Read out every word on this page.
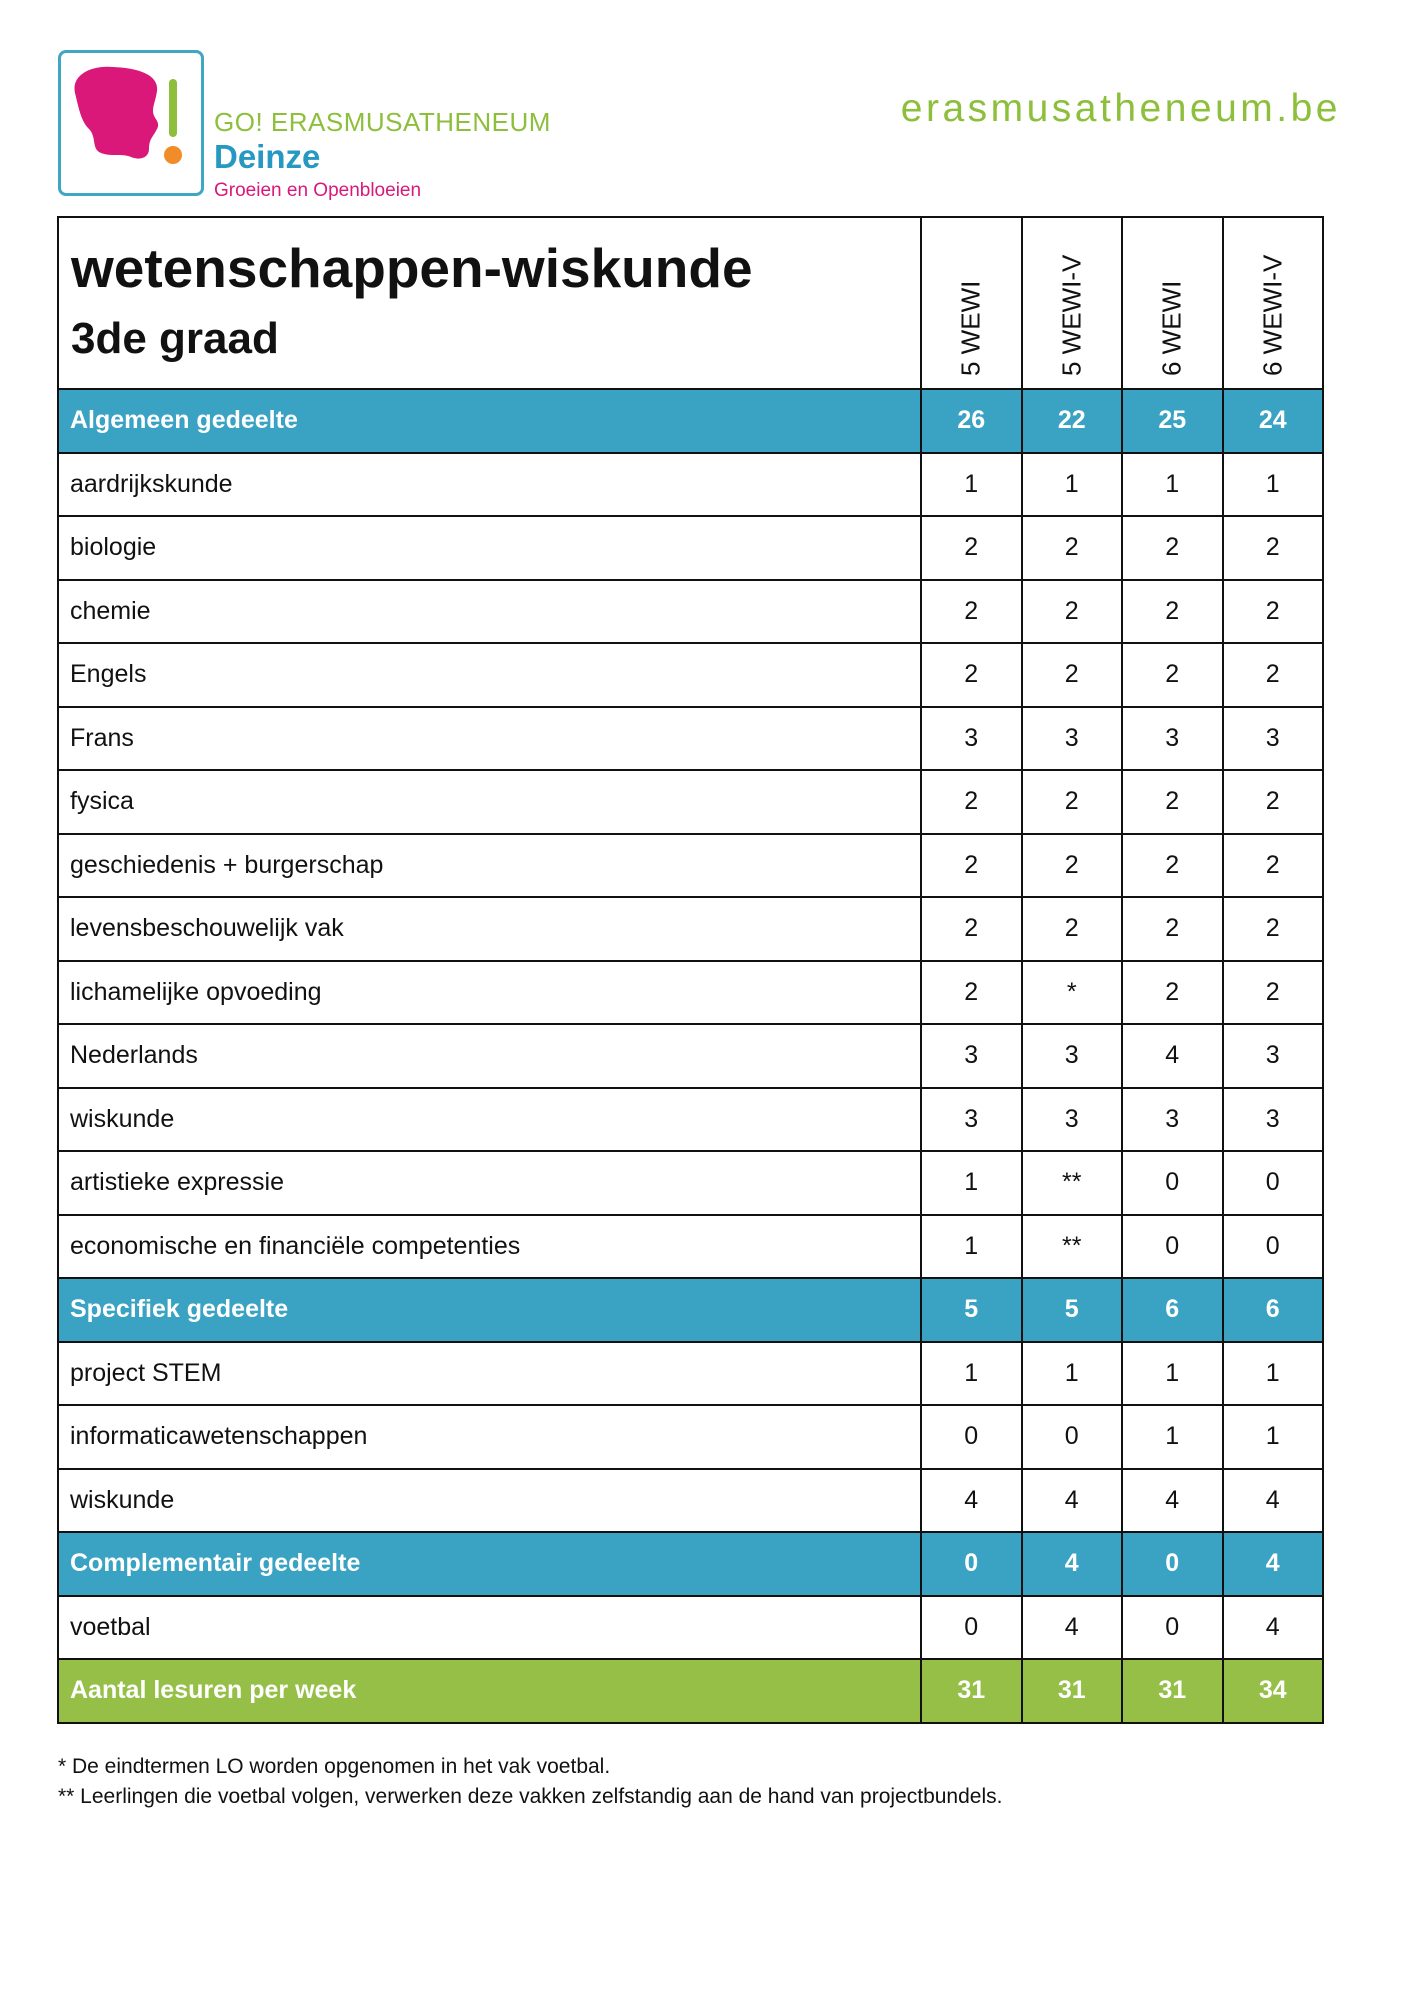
GO! ERASMUSATHENEUM
Deinze
Groeien en Openbloeien
erasmusatheneum.be
wetenschappen-wiskunde
3de graad	5 WEWI	5 WEWI-V	6 WEWI	6 WEWI-V

Algemeen gedeelte	26	22	25	24
aardrijkskunde	1	1	1	1
biologie	2	2	2	2
chemie	2	2	2	2
Engels	2	2	2	2
Frans	3	3	3	3
fysica	2	2	2	2
geschiedenis + burgerschap	2	2	2	2
levensbeschouwelijk vak	2	2	2	2
lichamelijke opvoeding	2	*	2	2
Nederlands	3	3	4	3
wiskunde	3	3	3	3
artistieke expressie	1	**	0	0
economische en financiële competenties	1	**	0	0
Specifiek gedeelte	5	5	6	6
project STEM	1	1	1	1
informaticawetenschappen	0	0	1	1
wiskunde	4	4	4	4
Complementair gedeelte	0	4	0	4
voetbal	0	4	0	4
Aantal lesuren per week	31	31	31	34
* De eindtermen LO worden opgenomen in het vak voetbal.
** Leerlingen die voetbal volgen, verwerken deze vakken zelfstandig aan de hand van projectbundels.
